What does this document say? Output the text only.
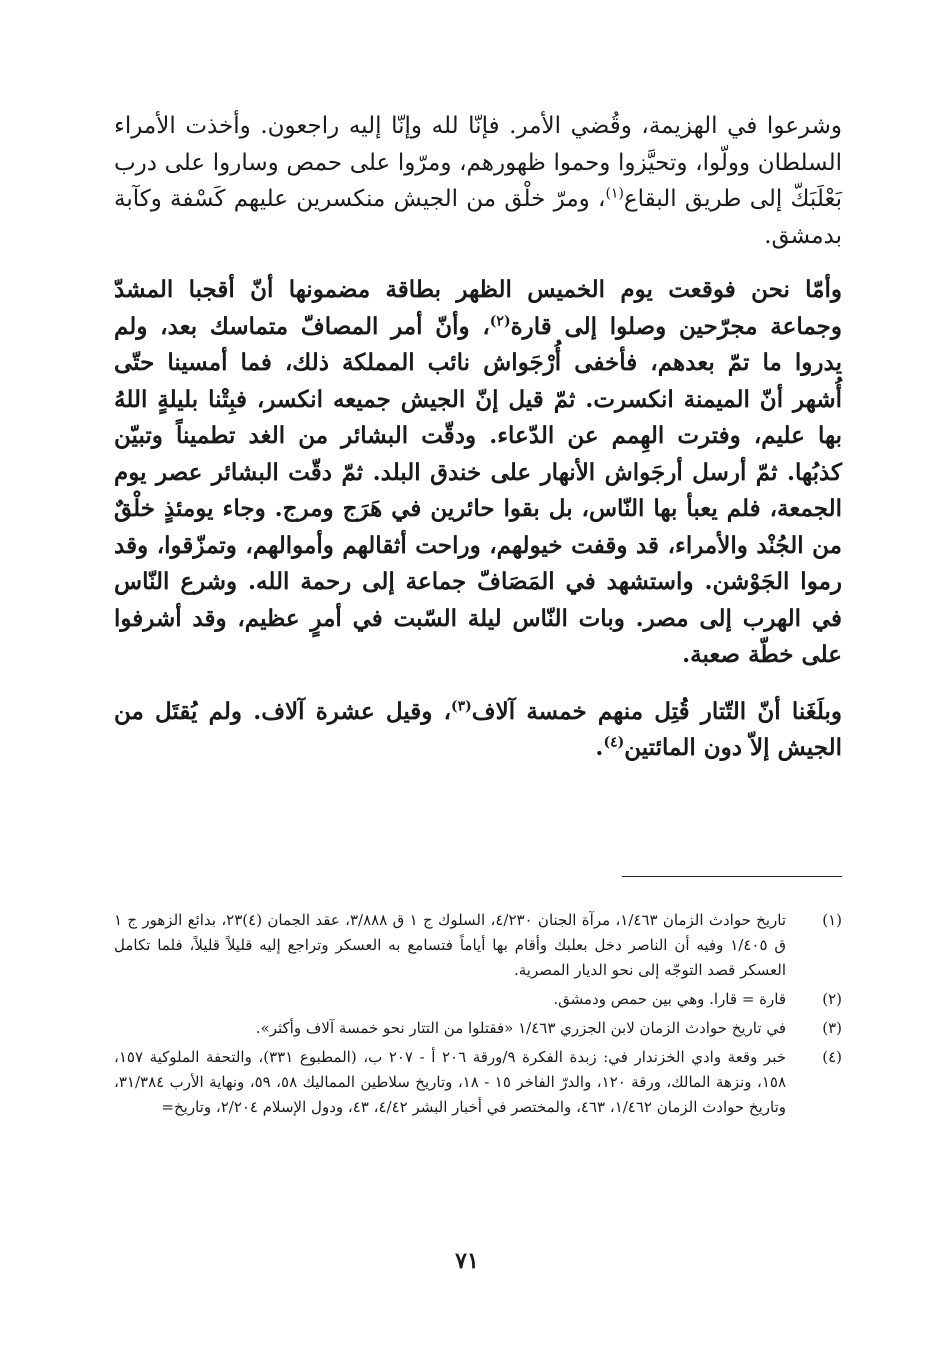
وشرعوا في الهزيمة، وقُضي الأمر. فإنّا لله وإنّا إليه راجعون. وأخذت الأمراء السلطان وولّوا، وتحيَّزوا وحموا ظهورهم، ومرّوا على حمص وساروا على درب بَعْلَبَكّ إلى طريق البقاع$^{(١)}$، ومرّ خلْق من الجيش منكسرين عليهم كَسْفة وكآبة بدمشق.

وأمّا نحن فوقعت يوم الخميس الظهر بطاقة مضمونها أنّ أقجبا المشدّ وجماعة مجرّحين وصلوا إلى قارة$^{(٢)}$، وأنّ أمر المصافّ متماسك بعد، ولم يدروا ما تمّ بعدهم، فأخفى أُرْجَواش نائب المملكة ذلك، فما أمسينا حتّى أُشهر أنّ الميمنة انكسرت. ثمّ قيل إنّ الجيش جميعه انكسر، فبِتْنا بليلةٍ اللهُ بها عليم، وفترت الهِمم عن الدّعاء. ودقّت البشائر من الغد تطميناً وتبيّن كذبُها. ثمّ أرسل أرجَواش الأنهار على خندق البلد. ثمّ دقّت البشائر عصر يوم الجمعة، فلم يعبأ بها النّاس، بل بقوا حائرين في هَرَج ومرج. وجاء يومئذٍ خلْقٌ من الجُنْد والأمراء، قد وقفت خيولهم، وراحت أثقالهم وأموالهم، وتمزّقوا، وقد رموا الجَوْشن. واستشهد في المَصَافّ جماعة إلى رحمة الله. وشرع النّاس في الهرب إلى مصر. وبات النّاس ليلة السّبت في أمرٍ عظيم، وقد أشرفوا على خطّة صعبة.

وبلَغَنا أنّ التّتار قُتِل منهم خمسة آلاف$^{(٣)}$، وقيل عشرة آلاف. ولم يُقتَل من الجيش إلاّ دون المائتين$^{(٤)}$.

(١)
تاريخ حوادث الزمان ١/٤٦٣، مرآة الجنان ٤/٢٣٠، السلوك ج ١ ق ٣/٨٨٨، عقد الجمان (٤)٢٣، بدائع الزهور ج ١ ق ١/٤٠٥ وفيه أن الناصر دخل بعلبك وأقام بها أياماً فتسامع به العسكر وتراجع إليه قليلاً قليلاً، فلما تكامل العسكر قصد التوجّه إلى نحو الديار المصرية.
(٢)
قارة = قارا. وهي بين حمص ودمشق.
(٣)
في تاريخ حوادث الزمان لابن الجزري ١/٤٦٣ «فقتلوا من التتار نحو خمسة آلاف وأكثر».
(٤)
خبر وقعة وادي الخزندار في: زبدة الفكرة ٩/ورقة ٢٠٦ أ - ٢٠٧ ب، (المطبوع ٣٣١)، والتحفة الملوكية ١٥٧، ١٥٨، ونزهة المالك، ورقة ١٢٠، والدرّ الفاخر ١٥ - ١٨، وتاريخ سلاطين المماليك ٥٨، ٥٩، ونهاية الأرب ٣١/٣٨٤، وتاريخ حوادث الزمان ١/٤٦٢، ٤٦٣، والمختصر في أخبار البشر ٤/٤٢، ٤٣، ودول الإسلام ٢/٢٠٤، وتاريخ=
٧١
